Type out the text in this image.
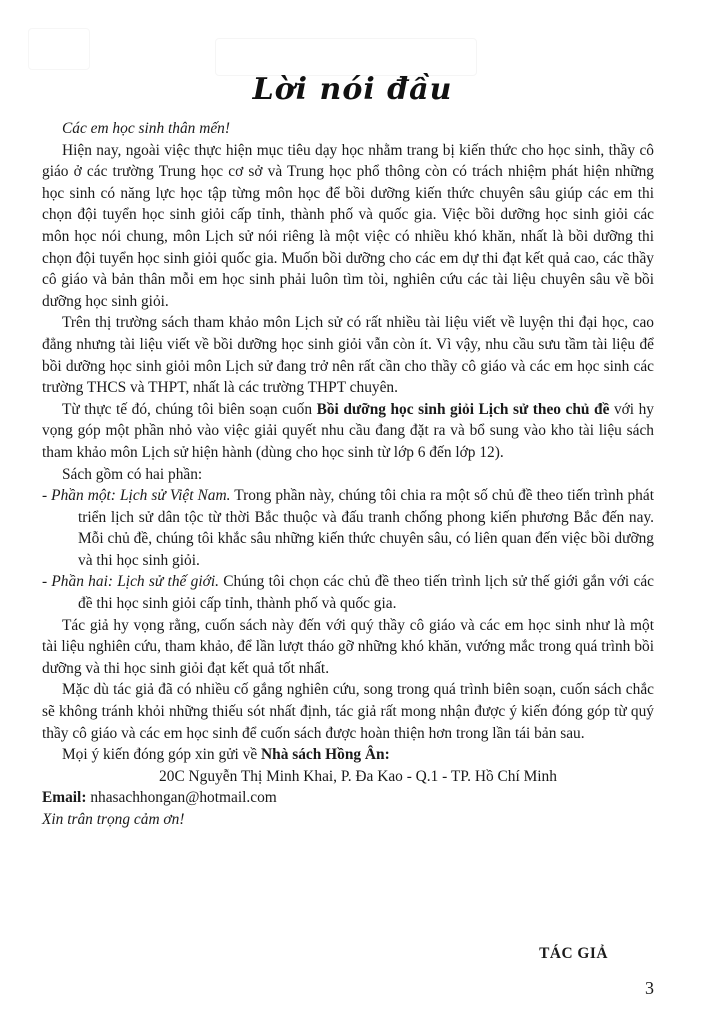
Lời nói đầu

Các em học sinh thân mến!

Hiện nay, ngoài việc thực hiện mục tiêu dạy học nhằm trang bị kiến thức cho học sinh, thầy cô giáo ở các trường Trung học cơ sở và Trung học phổ thông còn có trách nhiệm phát hiện những học sinh có năng lực học tập từng môn học để bồi dưỡng kiến thức chuyên sâu giúp các em thi chọn đội tuyển học sinh giỏi cấp tỉnh, thành phố và quốc gia. Việc bồi dưỡng học sinh giỏi các môn học nói chung, môn Lịch sử nói riêng là một việc có nhiều khó khăn, nhất là bồi dưỡng thi chọn đội tuyển học sinh giỏi quốc gia. Muốn bồi dưỡng cho các em dự thi đạt kết quả cao, các thầy cô giáo và bản thân mỗi em học sinh phải luôn tìm tòi, nghiên cứu các tài liệu chuyên sâu về bồi dưỡng học sinh giỏi.

Trên thị trường sách tham khảo môn Lịch sử có rất nhiều tài liệu viết về luyện thi đại học, cao đẳng nhưng tài liệu viết về bồi dưỡng học sinh giỏi vẫn còn ít. Vì vậy, nhu cầu sưu tầm tài liệu để bồi dưỡng học sinh giỏi môn Lịch sử đang trở nên rất cần cho thầy cô giáo và các em học sinh các trường THCS và THPT, nhất là các trường THPT chuyên.

Từ thực tế đó, chúng tôi biên soạn cuốn Bồi dưỡng học sinh giỏi Lịch sử theo chủ đề với hy vọng góp một phần nhỏ vào việc giải quyết nhu cầu đang đặt ra và bổ sung vào kho tài liệu sách tham khảo môn Lịch sử hiện hành (dùng cho học sinh từ lớp 6 đến lớp 12).

Sách gồm có hai phần:

- Phần một: Lịch sử Việt Nam. Trong phần này, chúng tôi chia ra một số chủ đề theo tiến trình phát triển lịch sử dân tộc từ thời Bắc thuộc và đấu tranh chống phong kiến phương Bắc đến nay. Mỗi chủ đề, chúng tôi khắc sâu những kiến thức chuyên sâu, có liên quan đến việc bồi dưỡng và thi học sinh giỏi.

- Phần hai: Lịch sử thế giới. Chúng tôi chọn các chủ đề theo tiến trình lịch sử thế giới gắn với các đề thi học sinh giỏi cấp tỉnh, thành phố và quốc gia.

Tác giả hy vọng rằng, cuốn sách này đến với quý thầy cô giáo và các em học sinh như là một tài liệu nghiên cứu, tham khảo, để lần lượt tháo gỡ những khó khăn, vướng mắc trong quá trình bồi dưỡng và thi học sinh giỏi đạt kết quả tốt nhất.

Mặc dù tác giả đã có nhiều cố gắng nghiên cứu, song trong quá trình biên soạn, cuốn sách chắc sẽ không tránh khỏi những thiếu sót nhất định, tác giả rất mong nhận được ý kiến đóng góp từ quý thầy cô giáo và các em học sinh để cuốn sách được hoàn thiện hơn trong lần tái bản sau.

Mọi ý kiến đóng góp xin gửi về Nhà sách Hồng Ân:

20C Nguyễn Thị Minh Khai, P. Đa Kao - Q.1 - TP. Hồ Chí Minh

Email: nhasachhongan@hotmail.com

Xin trân trọng cảm ơn!

TÁC GIẢ
3
